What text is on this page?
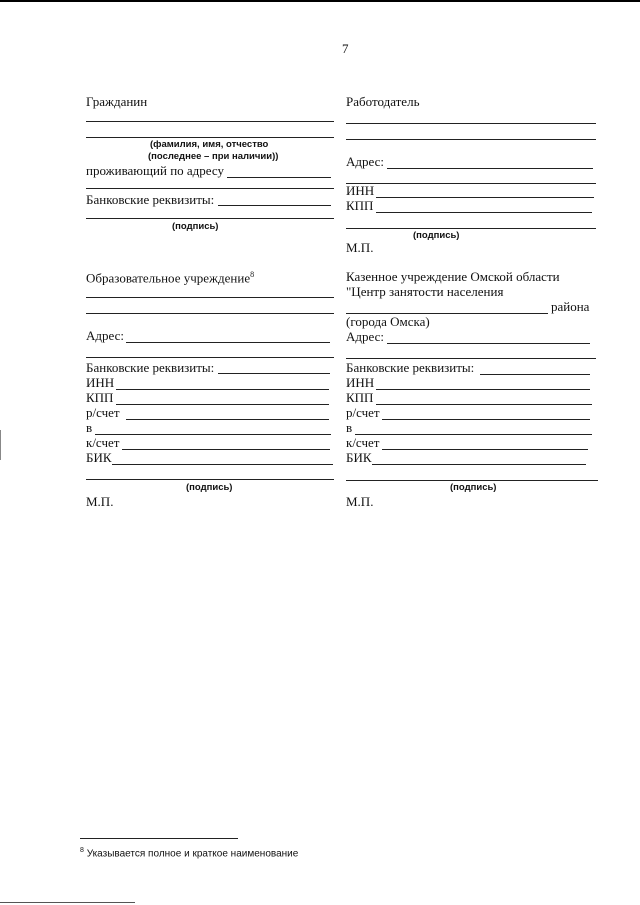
7
Гражданин
(фамилия, имя, отчество
(последнее – при наличии))
проживающий по адресу
Банковские реквизиты:
(подпись)
Работодатель
Адрес:
ИНН
КПП
(подпись)
М.П.
Образовательное учреждение$^8$
Адрес:
Банковские реквизиты:
ИНН
КПП
р/счет
в
к/счет
БИК
(подпись)
М.П.
Казенное учреждение Омской области
"Центр занятости населения
района
(города Омска)
Адрес:
Банковские реквизиты:
ИНН
КПП
р/счет
в
к/счет
БИК
(подпись)
М.П.
$^8$ Указывается полное и краткое наименование
